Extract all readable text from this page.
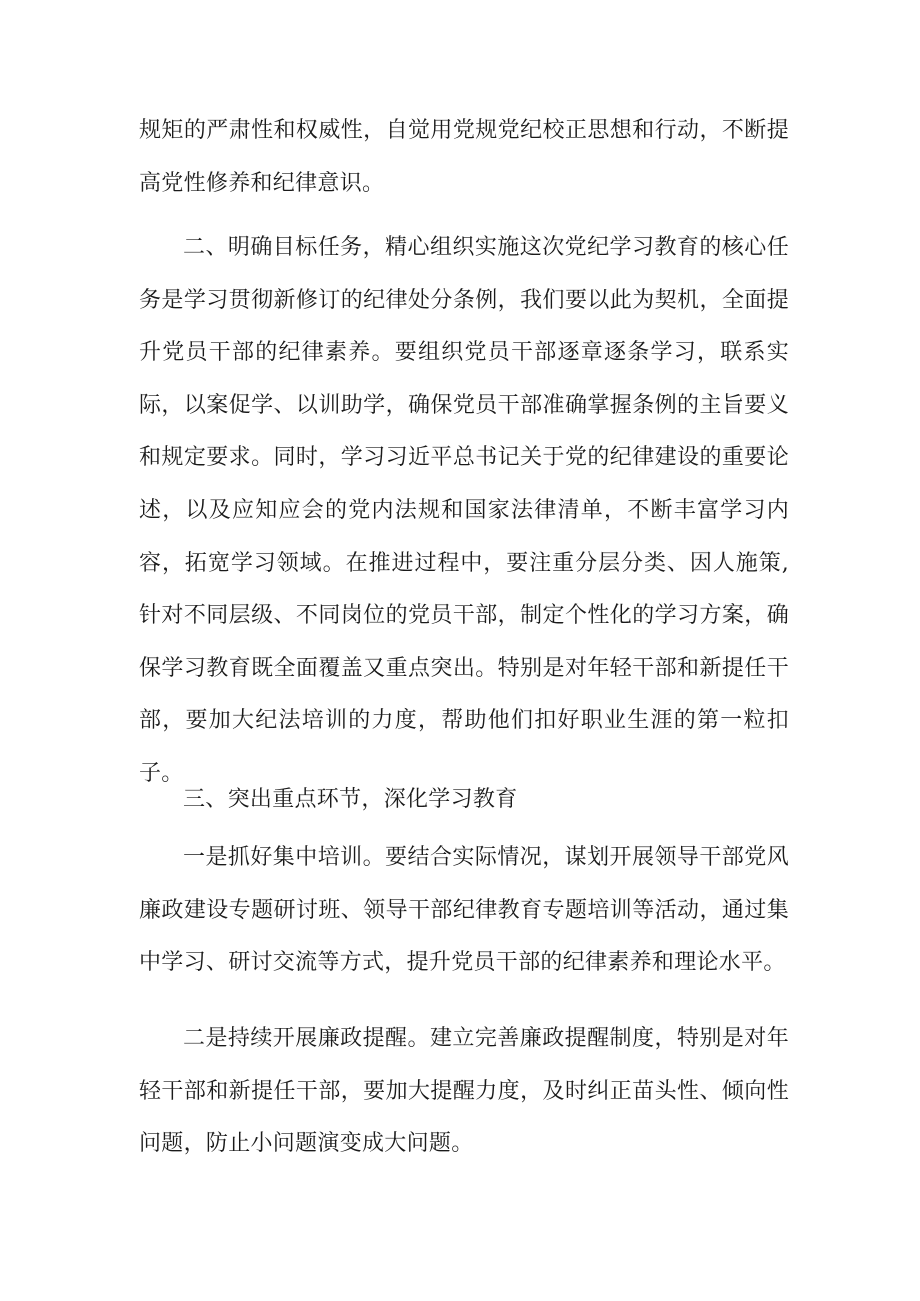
规矩的严肃性和权威性，自觉用党规党纪校正思想和行动，不断提高党性修养和纪律意识。

二、明确目标任务，精心组织实施这次党纪学习教育的核心任务是学习贯彻新修订的纪律处分条例，我们要以此为契机，全面提升党员干部的纪律素养。要组织党员干部逐章逐条学习，联系实际，以案促学、以训助学，确保党员干部准确掌握条例的主旨要义和规定要求。同时，学习习近平总书记关于党的纪律建设的重要论述，以及应知应会的党内法规和国家法律清单，不断丰富学习内容，拓宽学习领域。在推进过程中，要注重分层分类、因人施策,针对不同层级、不同岗位的党员干部，制定个性化的学习方案，确保学习教育既全面覆盖又重点突出。特别是对年轻干部和新提任干部，要加大纪法培训的力度，帮助他们扣好职业生涯的第一粒扣子。

三、突出重点环节，深化学习教育

一是抓好集中培训。要结合实际情况，谋划开展领导干部党风廉政建设专题研讨班、领导干部纪律教育专题培训等活动，通过集中学习、研讨交流等方式，提升党员干部的纪律素养和理论水平。

二是持续开展廉政提醒。建立完善廉政提醒制度，特别是对年轻干部和新提任干部，要加大提醒力度，及时纠正苗头性、倾向性问题，防止小问题演变成大问题。
